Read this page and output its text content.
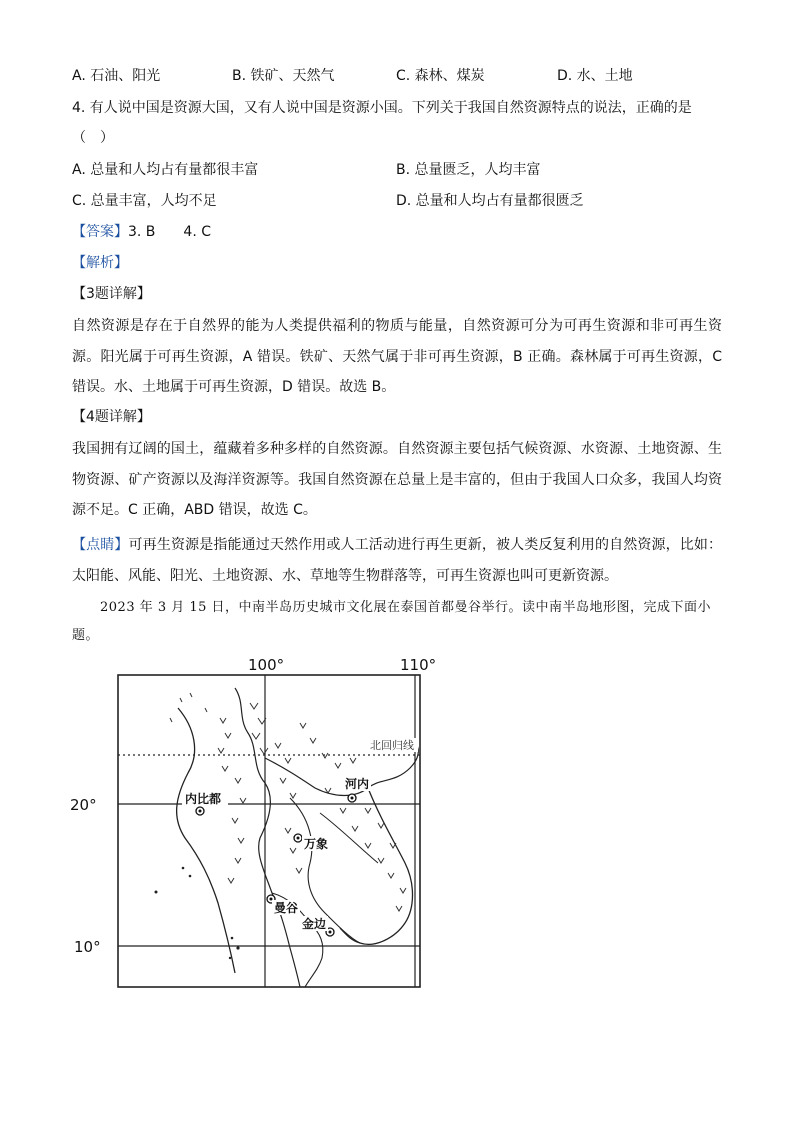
A. 石油、阳光	B. 铁矿、天然气	C. 森林、煤炭	D. 水、土地
4. 有人说中国是资源大国，又有人说中国是资源小国。下列关于我国自然资源特点的说法，正确的是
（　）
A. 总量和人均占有量都很丰富	B. 总量匮乏，人均丰富
C. 总量丰富，人均不足	D. 总量和人均占有量都很匮乏
【答案】3. B　　4. C
【解析】
【3题详解】
自然资源是存在于自然界的能为人类提供福利的物质与能量，自然资源可分为可再生资源和非可再生资源。阳光属于可再生资源，A 错误。铁矿、天然气属于非可再生资源，B 正确。森林属于可再生资源，C 错误。水、土地属于可再生资源，D 错误。故选 B。
【4题详解】
我国拥有辽阔的国土，蕴藏着多种多样的自然资源。自然资源主要包括气候资源、水资源、土地资源、生物资源、矿产资源以及海洋资源等。我国自然资源在总量上是丰富的，但由于我国人口众多，我国人均资源不足。C 正确，ABD 错误，故选 C。
【点睛】可再生资源是指能通过天然作用或人工活动进行再生更新，被人类反复利用的自然资源，比如：太阳能、风能、阳光、土地资源、水、草地等生物群落等，可再生资源也叫可更新资源。
2023 年 3 月 15 日，中南半岛历史城市文化展在泰国首都曼谷举行。读中南半岛地形图，完成下面小题。
内比都
河内
万象
曼谷
金边
北回归线
100°	110°
20°
10°
